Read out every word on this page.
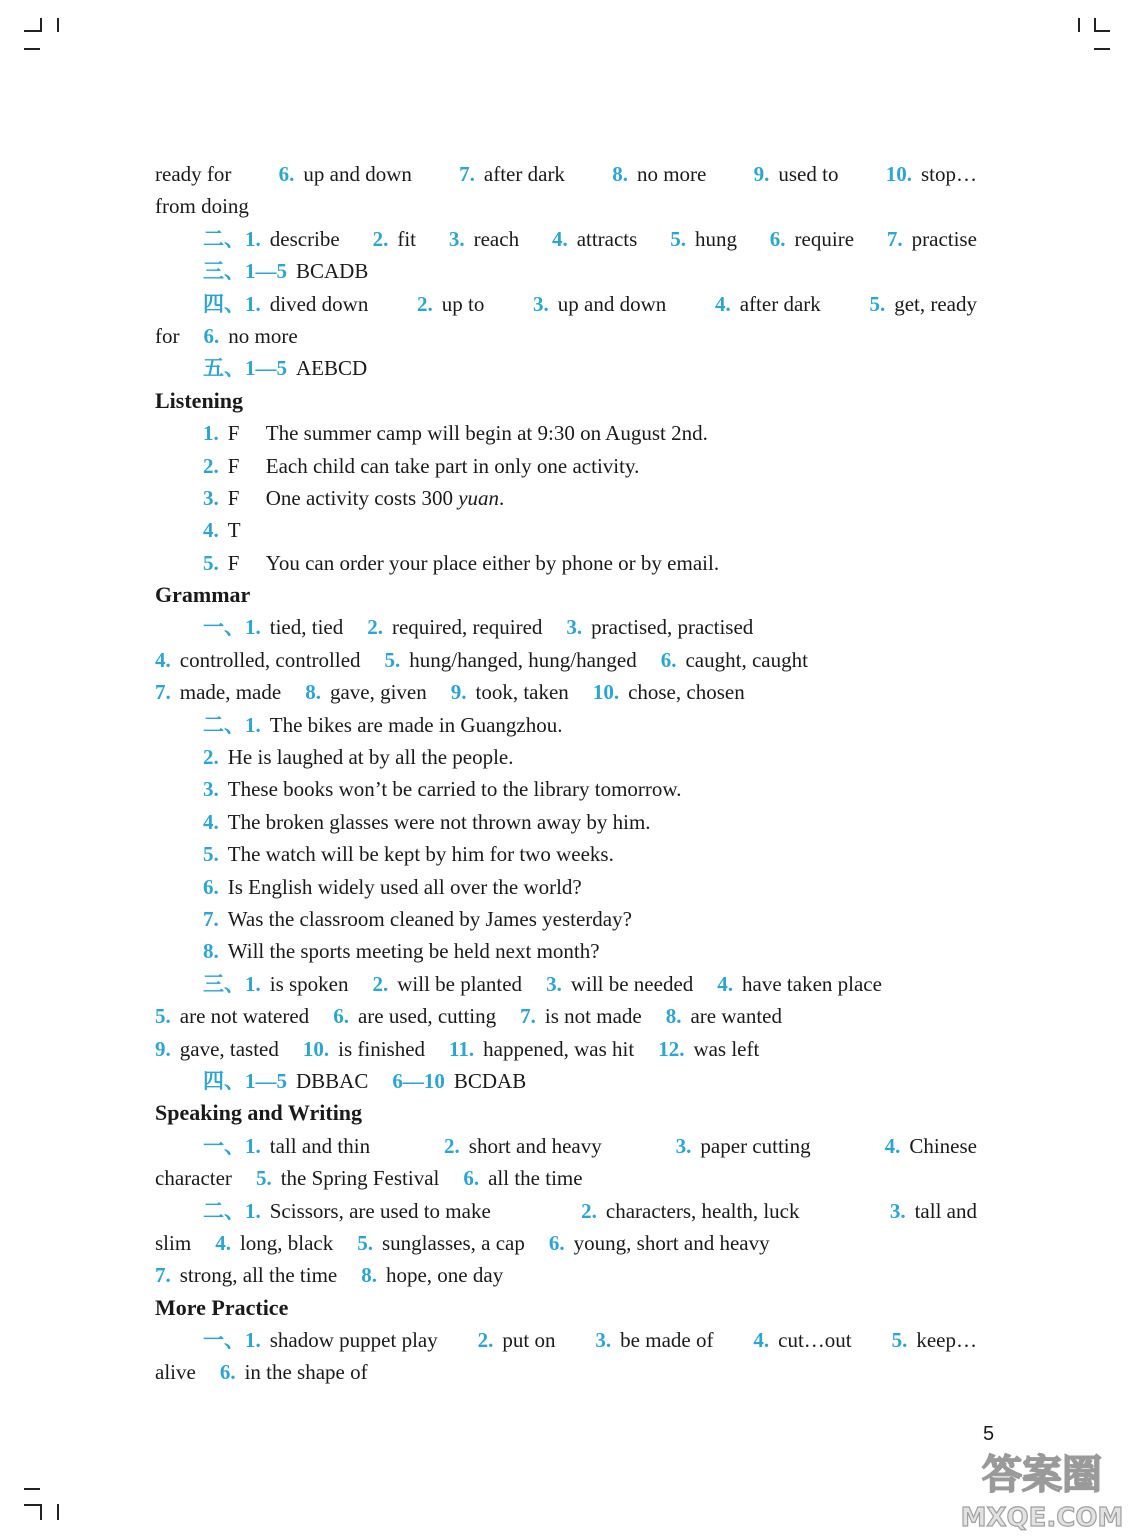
ready for 6. up and down 7. after dark 8. no more 9. used to 10. stop…
from doing
二、1. describe 2. fit 3. reach 4. attracts 5. hung 6. require 7. practise
三、1—5 BCADB
四、1. dived down 2. up to 3. up and down 4. after dark 5. get, ready
for 6. no more
五、1—5 AEBCD
Listening
1. F The summer camp will begin at 9:30 on August 2nd.
2. F Each child can take part in only one activity.
3. F One activity costs 300 yuan.
4. T
5. F You can order your place either by phone or by email.
Grammar
一、1. tied, tied 2. required, required 3. practised, practised
4. controlled, controlled 5. hung/hanged, hung/hanged 6. caught, caught
7. made, made 8. gave, given 9. took, taken 10. chose, chosen
二、1. The bikes are made in Guangzhou.
2. He is laughed at by all the people.
3. These books won’t be carried to the library tomorrow.
4. The broken glasses were not thrown away by him.
5. The watch will be kept by him for two weeks.
6. Is English widely used all over the world?
7. Was the classroom cleaned by James yesterday?
8. Will the sports meeting be held next month?
三、1. is spoken 2. will be planted 3. will be needed 4. have taken place
5. are not watered 6. are used, cutting 7. is not made 8. are wanted
9. gave, tasted 10. is finished 11. happened, was hit 12. was left
四、1—5 DBBAC 6—10 BCDAB
Speaking and Writing
一、1. tall and thin	2. short and heavy	3. paper cutting	4. Chinese
character 5. the Spring Festival 6. all the time
二、1. Scissors, are used to make	2. characters, health, luck	3. tall and
slim 4. long, black 5. sunglasses, a cap 6. young, short and heavy
7. strong, all the time 8. hope, one day
More Practice
一、1. shadow puppet play 2. put on 3. be made of 4. cut…out 5. keep…
alive 6. in the shape of
5
答案圈
MXQE.COM
